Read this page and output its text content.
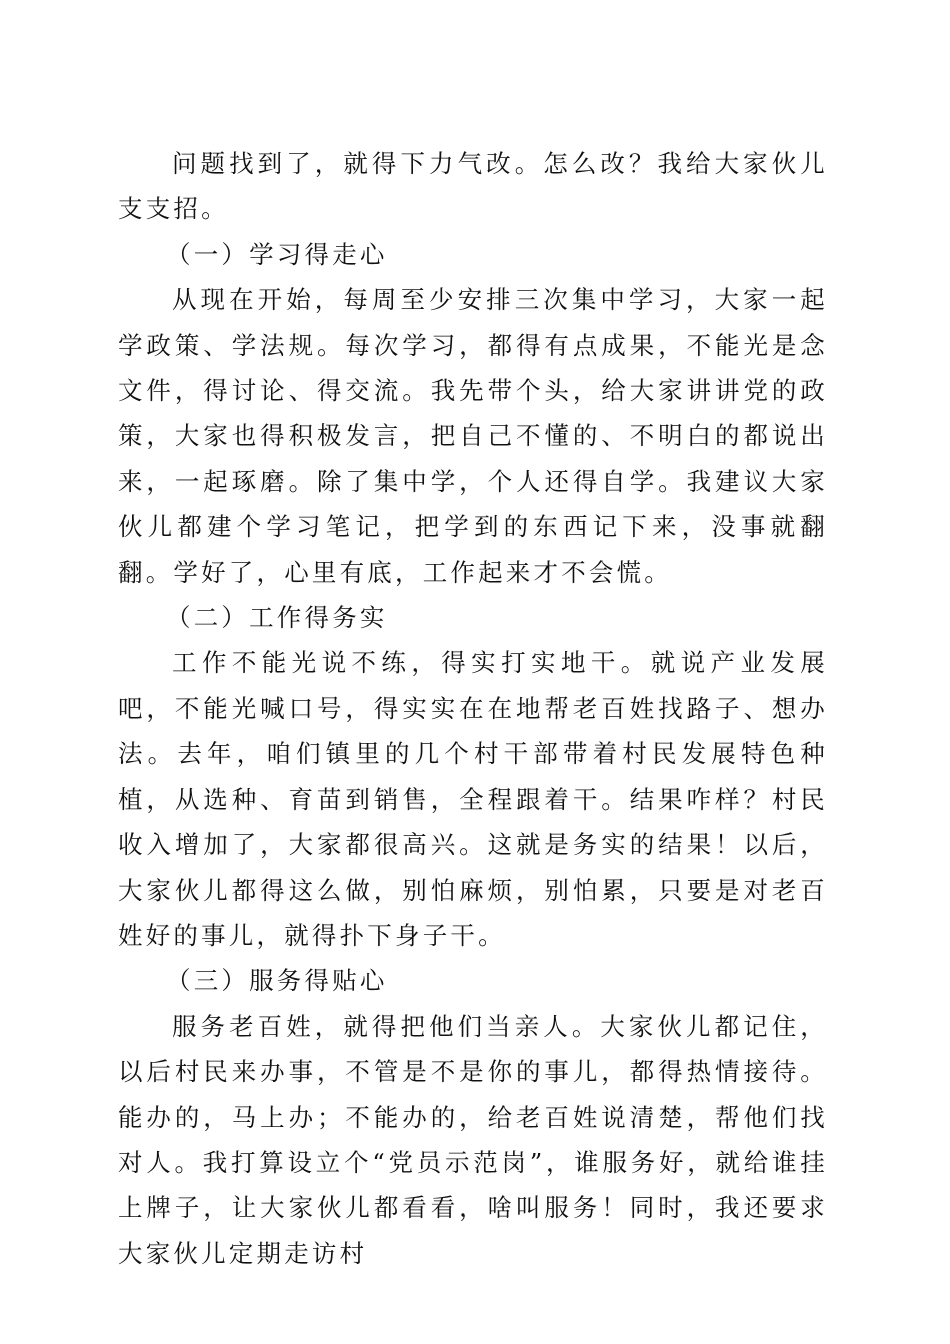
问题找到了，就得下力气改。怎么改？我给大家伙儿支支招。

（一）学习得走心

从现在开始，每周至少安排三次集中学习，大家一起学政策、学法规。每次学习，都得有点成果，不能光是念文件，得讨论、得交流。我先带个头，给大家讲讲党的政策，大家也得积极发言，把自己不懂的、不明白的都说出来，一起琢磨。除了集中学，个人还得自学。我建议大家伙儿都建个学习笔记，把学到的东西记下来，没事就翻翻。学好了，心里有底，工作起来才不会慌。

（二）工作得务实

工作不能光说不练，得实打实地干。就说产业发展吧，不能光喊口号，得实实在在地帮老百姓找路子、想办法。去年，咱们镇里的几个村干部带着村民发展特色种植，从选种、育苗到销售，全程跟着干。结果咋样？村民收入增加了，大家都很高兴。这就是务实的结果！以后，大家伙儿都得这么做，别怕麻烦，别怕累，只要是对老百姓好的事儿，就得扑下身子干。

（三）服务得贴心

服务老百姓，就得把他们当亲人。大家伙儿都记住，以后村民来办事，不管是不是你的事儿，都得热情接待。能办的，马上办；不能办的，给老百姓说清楚，帮他们找对人。我打算设立个“党员示范岗”，谁服务好，就给谁挂上牌子，让大家伙儿都看看，啥叫服务！同时，我还要求大家伙儿定期走访村
